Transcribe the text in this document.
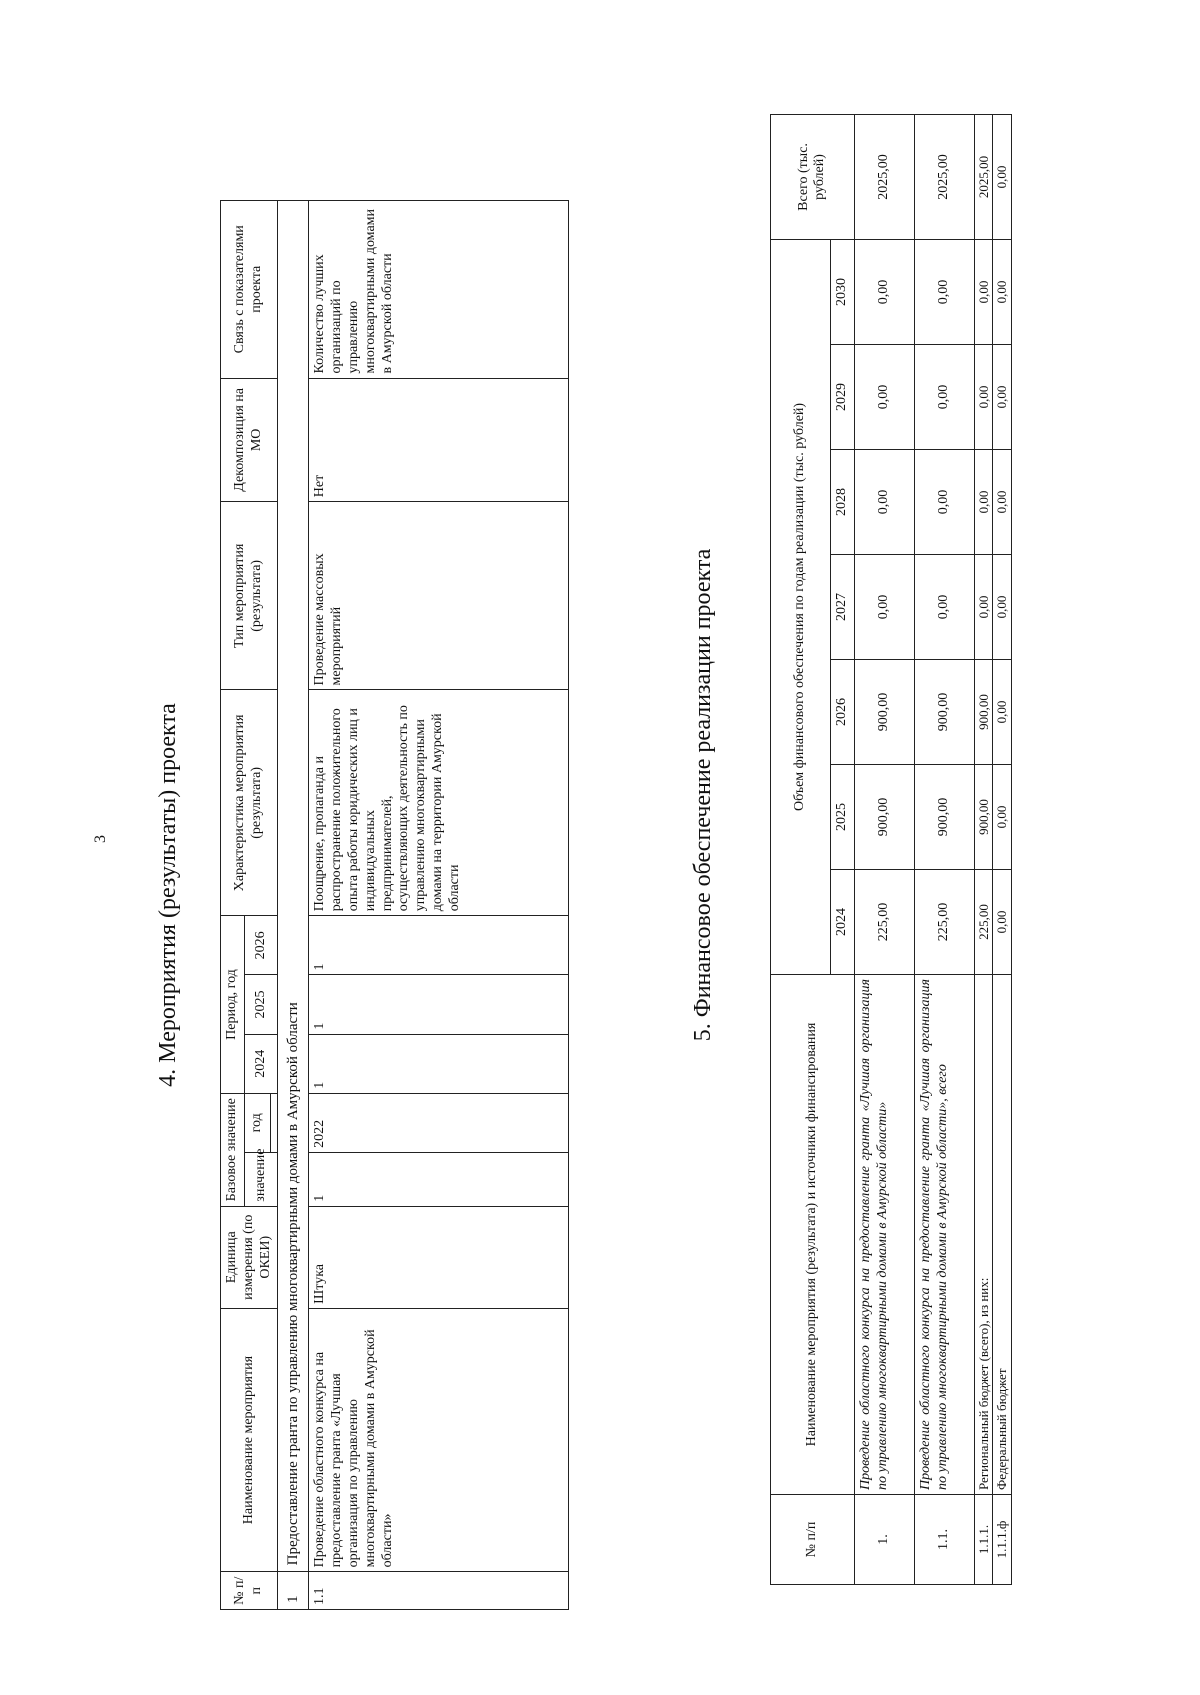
3 4. Мероприятия (результаты) проекта
№ п/п	Наименование мероприятия	Единица измерения (по ОКЕИ)	Базовое значение		Период, год			Характеристика мероприятия (результата)	Тип мероприятия (результата)	Декомпозиция на МО	Связь с показателями проекта
			значение	год	2024	2025	2026				

1	Предоставление гранта по управлению многоквартирными домами в Амурской области										
1.1	Проведение областного конкурса на предоставление гранта «Лучшая организация по управлению многоквартирными домами в Амурской области»	Штука	1	2022	1	1	1	Поощрение, пропаганда и распространение положительного опыта работы юридических лиц и индивидуальных предпринимателей, осуществляющих деятельность по управлению многоквартирными домами на территории Амурской области	Проведение массовых мероприятий	Нет	Количество лучших организаций по управлению многоквартирными домами в Амурской области
5. Финансовое обеспечение реализации проекта
№ п/п	Наименование мероприятия (результата) и источники финансирования	Объем финансового обеспечения по годам реализации (тыс. рублей)							Всего (тыс. рублей)
		2024	2025	2026	2027	2028	2029	2030	
1.	Проведение областного конкурса на предоставление гранта «Лучшая организация по управлению многоквартирными домами в Амурской области»	225,00	900,00	900,00	0,00	0,00	0,00	0,00	2025,00
1.1.	Проведение областного конкурса на предоставление гранта «Лучшая организация по управлению многоквартирными домами в Амурской области», всего	225,00	900,00	900,00	0,00	0,00	0,00	0,00	2025,00
1.1.1.	Региональный бюджет (всего), из них:	225,00	900,00	900,00	0,00	0,00	0,00	0,00	2025,00
1.1.1.ф	Федеральный бюджет	0,00	0,00	0,00	0,00	0,00	0,00	0,00	0,00
